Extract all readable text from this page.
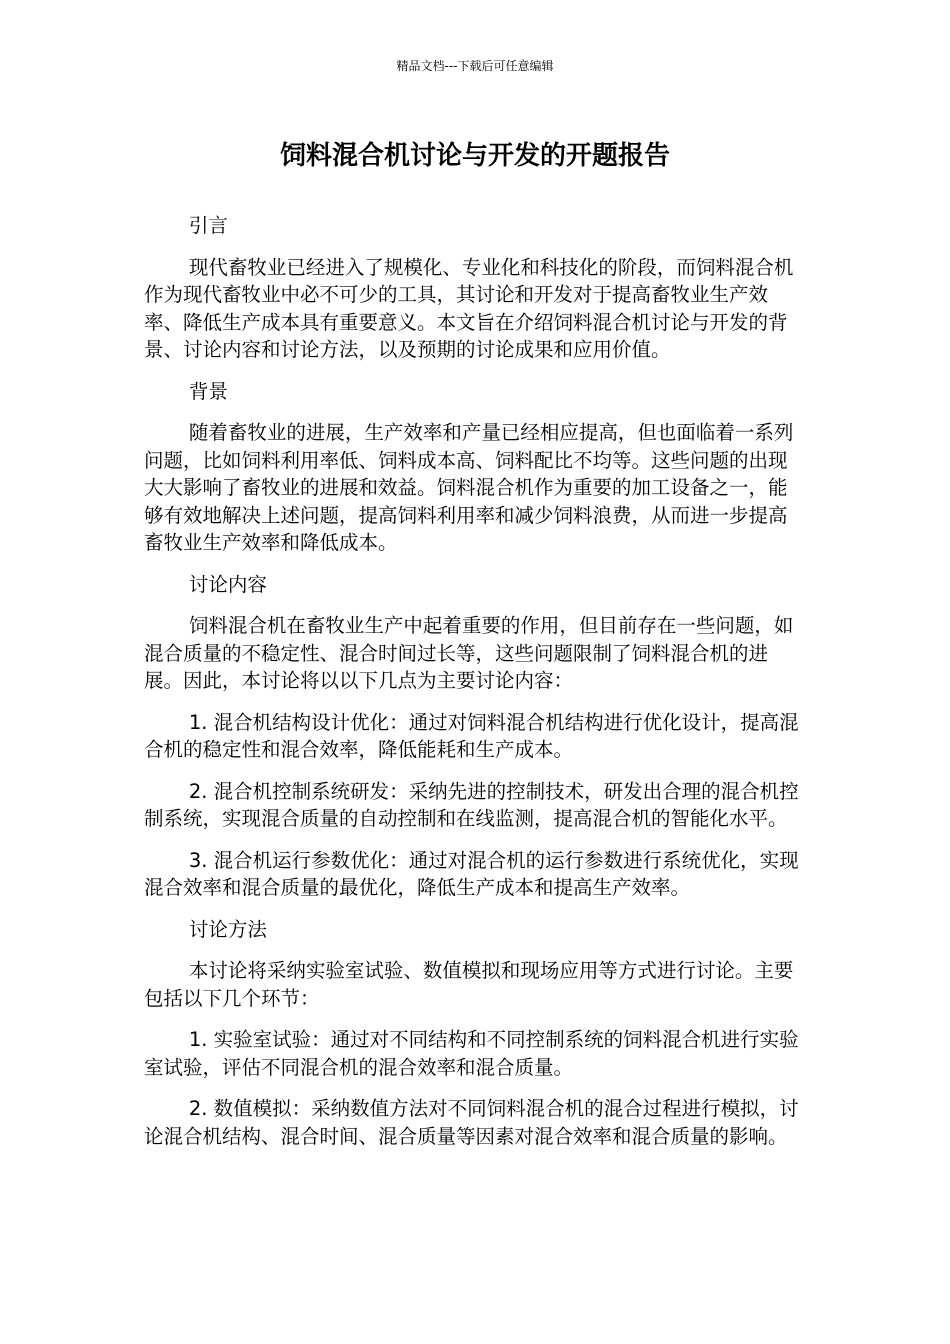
精品文档---下载后可任意编辑
饲料混合机讨论与开发的开题报告

引言

现代畜牧业已经进入了规模化、专业化和科技化的阶段，而饲料混合机作为现代畜牧业中必不可少的工具，其讨论和开发对于提高畜牧业生产效率、降低生产成本具有重要意义。本文旨在介绍饲料混合机讨论与开发的背景、讨论内容和讨论方法，以及预期的讨论成果和应用价值。

背景

随着畜牧业的进展，生产效率和产量已经相应提高，但也面临着一系列问题，比如饲料利用率低、饲料成本高、饲料配比不均等。这些问题的出现大大影响了畜牧业的进展和效益。饲料混合机作为重要的加工设备之一，能够有效地解决上述问题，提高饲料利用率和减少饲料浪费，从而进一步提高畜牧业生产效率和降低成本。

讨论内容

饲料混合机在畜牧业生产中起着重要的作用，但目前存在一些问题，如混合质量的不稳定性、混合时间过长等，这些问题限制了饲料混合机的进展。因此，本讨论将以以下几点为主要讨论内容：

1. 混合机结构设计优化：通过对饲料混合机结构进行优化设计，提高混合机的稳定性和混合效率，降低能耗和生产成本。

2. 混合机控制系统研发：采纳先进的控制技术，研发出合理的混合机控制系统，实现混合质量的自动控制和在线监测，提高混合机的智能化水平。

3. 混合机运行参数优化：通过对混合机的运行参数进行系统优化，实现混合效率和混合质量的最优化，降低生产成本和提高生产效率。

讨论方法

本讨论将采纳实验室试验、数值模拟和现场应用等方式进行讨论。主要包括以下几个环节：

1. 实验室试验：通过对不同结构和不同控制系统的饲料混合机进行实验室试验，评估不同混合机的混合效率和混合质量。

2. 数值模拟：采纳数值方法对不同饲料混合机的混合过程进行模拟，讨论混合机结构、混合时间、混合质量等因素对混合效率和混合质量的影响。
